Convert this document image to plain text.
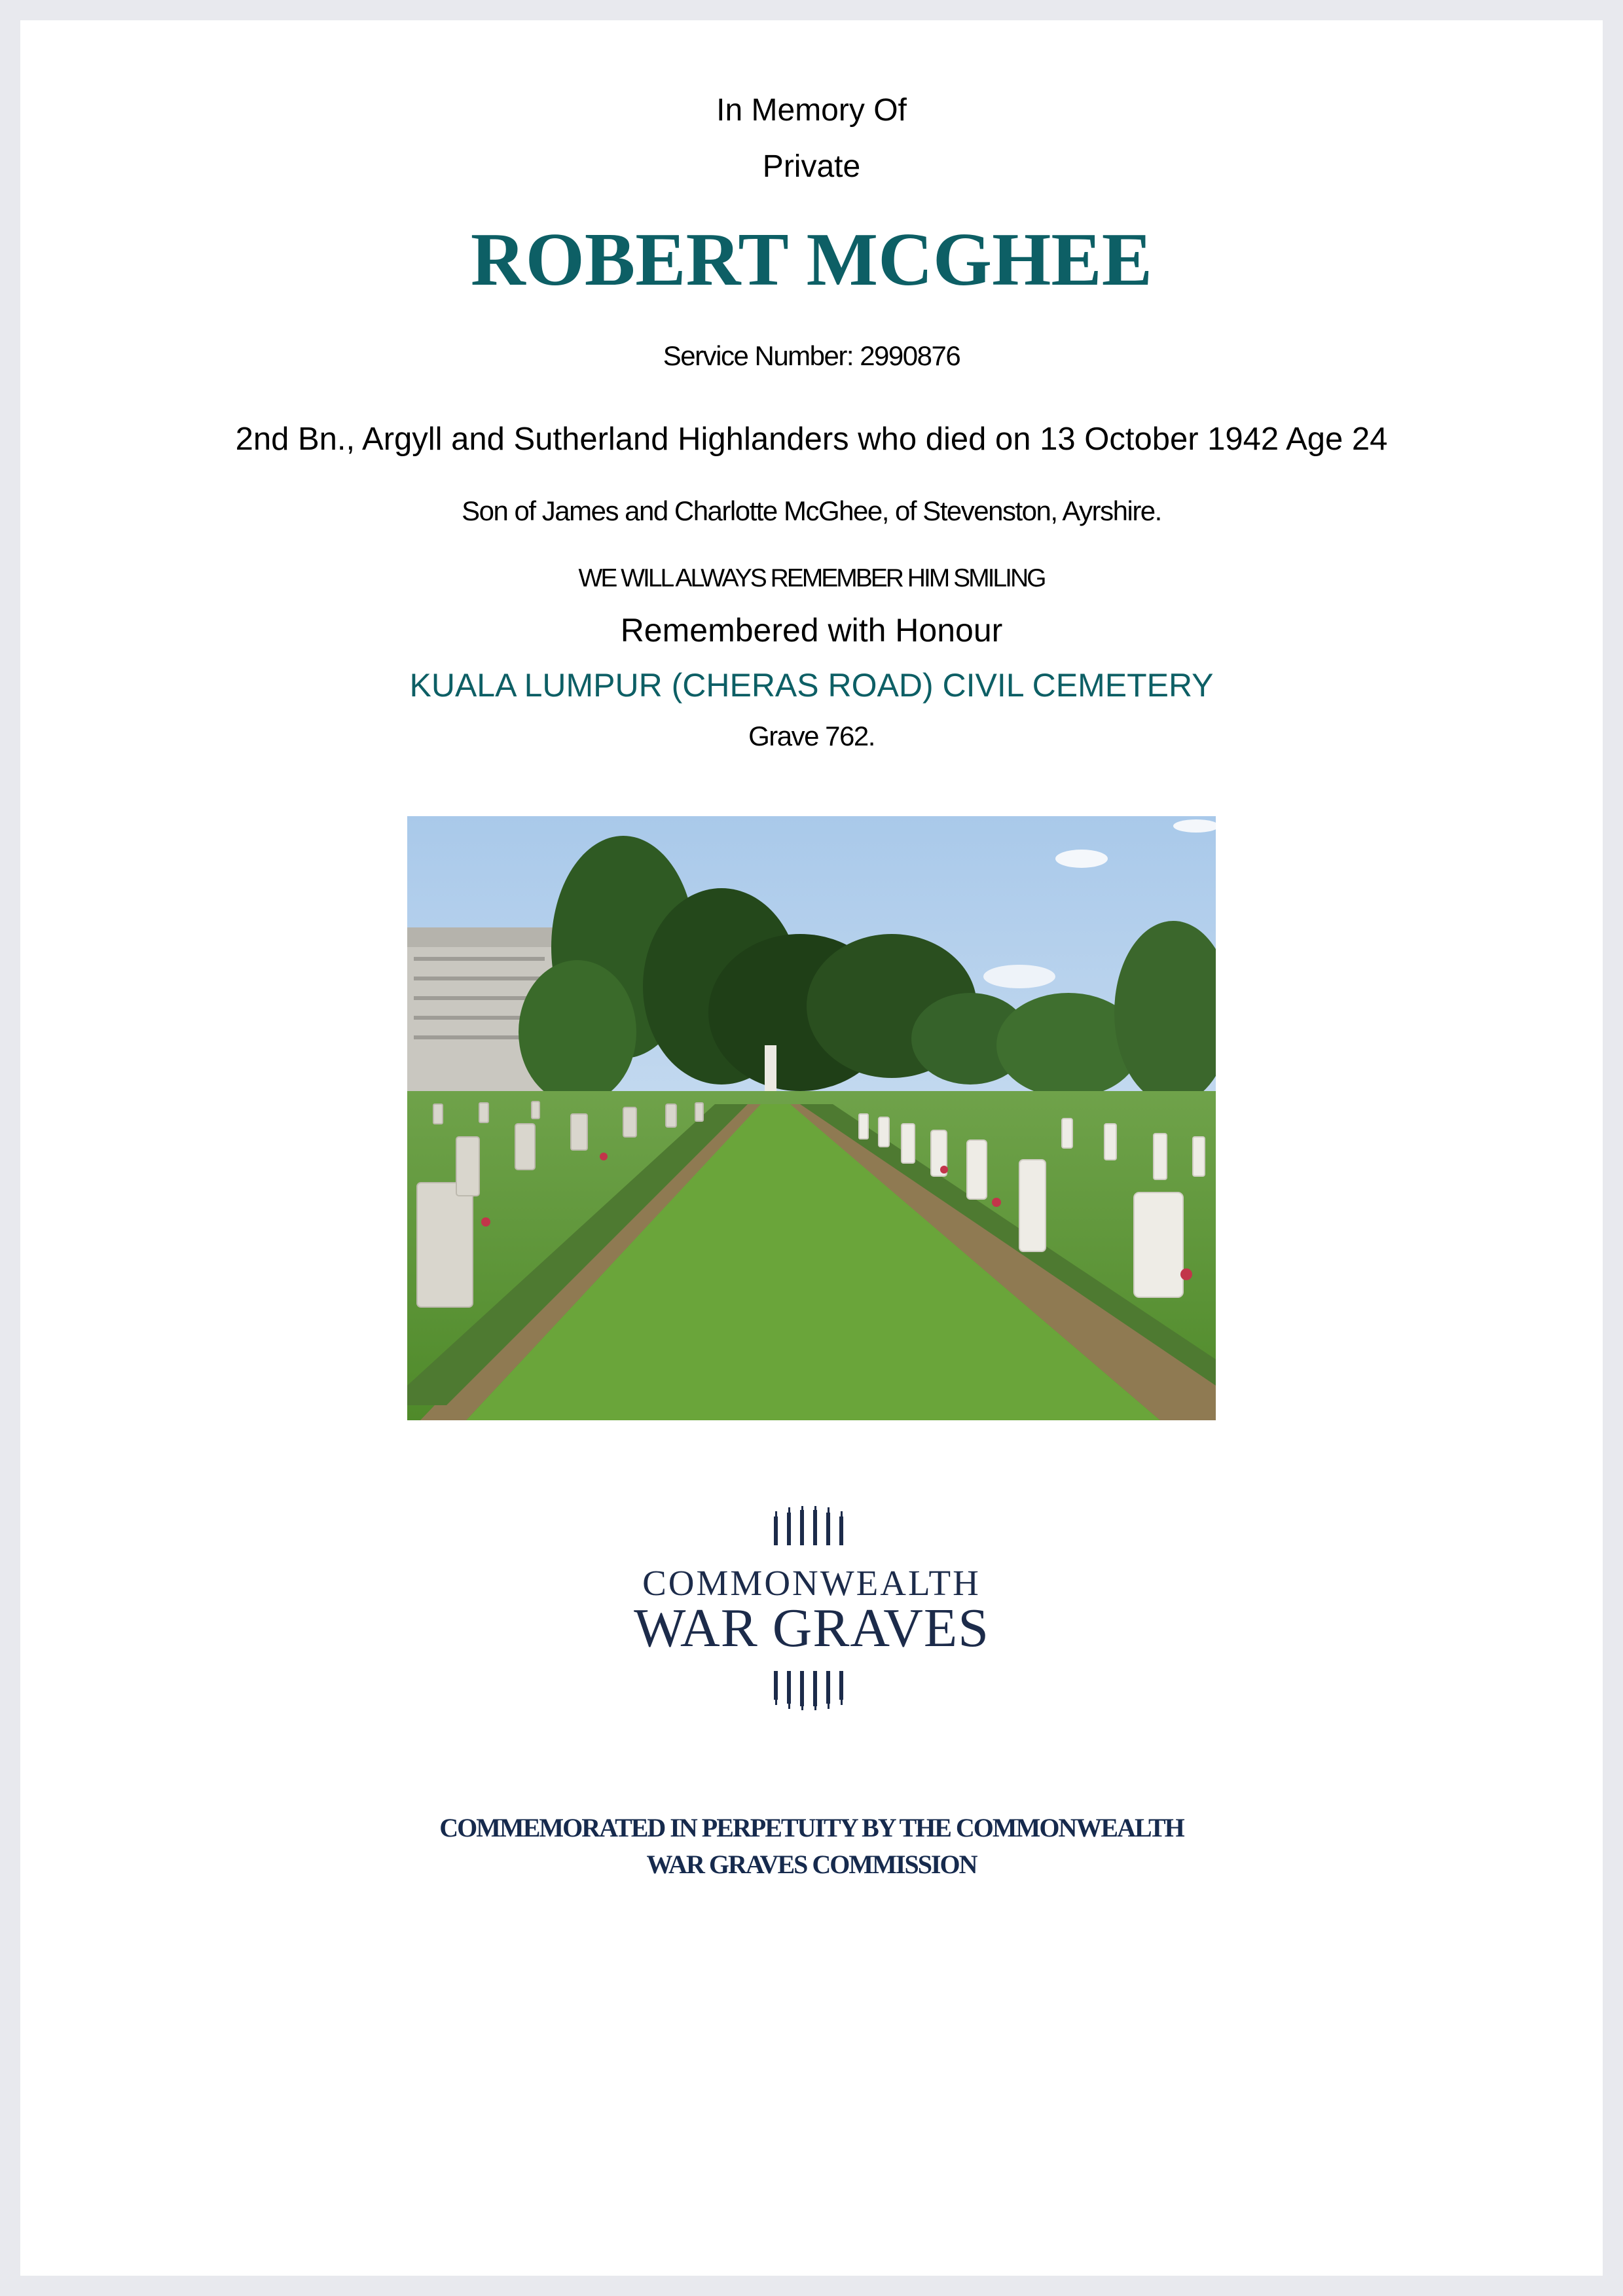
In Memory Of
Private
ROBERT MCGHEE
Service Number: 2990876
2nd Bn., Argyll and Sutherland Highlanders who died on 13 October 1942 Age 24
Son of James and Charlotte McGhee, of Stevenston, Ayrshire.
WE WILL ALWAYS REMEMBER HIM SMILING
Remembered with Honour
KUALA LUMPUR (CHERAS ROAD) CIVIL CEMETERY
Grave 762.
COMMONWEALTH
WAR GRAVES
COMMEMORATED IN PERPETUITY BY THE COMMONWEALTH
WAR GRAVES COMMISSION
